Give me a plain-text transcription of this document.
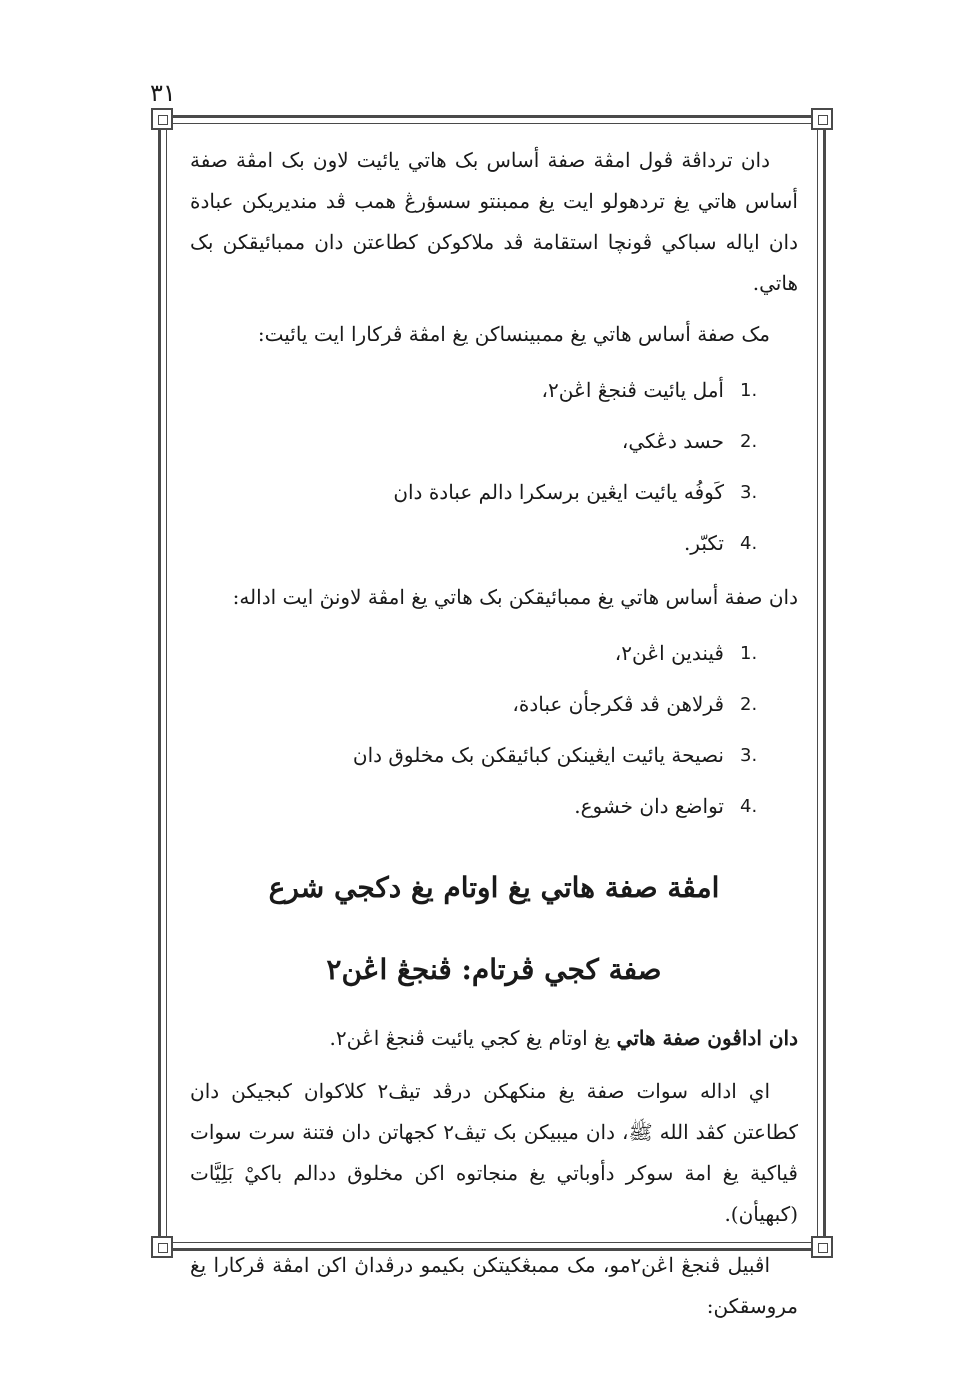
٣١

دان ترداڤة ڤول امڤة صفة أساس بک هاتي يائيت لاون بک امڤة صفة أساس هاتي يغ تردهولو ايت يغ ممبنتو سسؤرڠ همب ڤد منديريکن عبادة دان ايالە سباکي ڤونچا استقامة ڤد ملاکوکن کطاعتن دان ممبائيقکن بک هاتي.

مک صفة أساس هاتي يغ ممبينساکن يغ امڤة ڤرکارا ايت يائيت:

1.
أمل يائيت ڤنجڠ اڠن٢،
2.
حسد دڠکي،
3.
کَوفُه يائيت ايڠين برسکرا دالم عبادة دان
4.
تکبّر.

دان صفة أساس هاتي يغ ممبائيقکن بک هاتي يغ امڤة لاونڽ ايت اداله:

1.
ڤيندين اڠن٢،
2.
ڤرلاهن ڤد ڤکرجأن عبادة،
3.
نصيحة يائيت ايڠينکن کبائيقکن بک مخلوق دان
4.
تواضع دان خشوع.
امڤة صفة هاتي يغ اوتام يغ دکجي شرع
صفة کجي ڤرتام: ڤنجڠ اڠن٢

دان اداڤون صفة هاتي يغ اوتام يغ کجي يائيت ڤنجڠ اڠن٢.

اي اداله سوات صفة يغ منکهکن درڤد تيڤ٢ کلاکوان کبجيکن دان کطاعتن کڤد الله ﷺ، دان ميبيکن بک تيڤ٢ کجهاتن دان فتنة سرت سوات ڤياکية يغ امة سوکر دأوباتي يغ منجاتوه اکن مخلوق ددالم باکيْ بَلِيَّات (کبهيأن).

اڤبيل ڤنجڠ اڠن٢مو، مک ممبڠکيتکن بکيمو درڤداڽ اکن امڤة ڤرکارا يغ مروسقکن:
